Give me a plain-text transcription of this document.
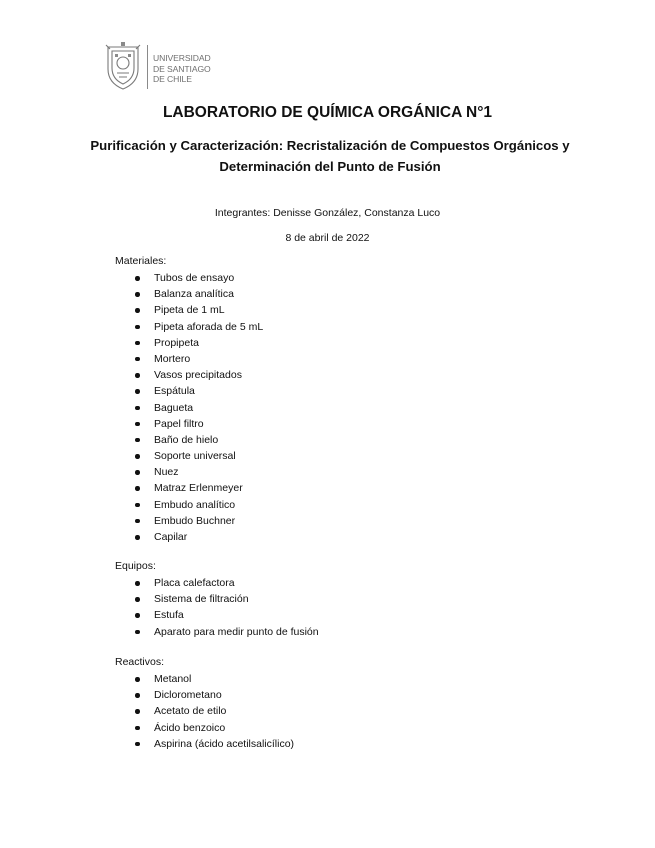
UNIVERSIDAD
DE SANTIAGO
DE CHILE
LABORATORIO DE QUÍMICA ORGÁNICA N°1
Purificación y Caracterización: Recristalización de Compuestos Orgánicos y
Determinación del Punto de Fusión
Integrantes: Denisse González, Constanza Luco
8 de abril de 2022
Materiales:
Tubos de ensayo
Balanza analítica
Pipeta de 1 mL
Pipeta aforada de 5 mL
Propipeta
Mortero
Vasos precipitados
Espátula
Bagueta
Papel filtro
Baño de hielo
Soporte universal
Nuez
Matraz Erlenmeyer
Embudo analítico
Embudo Buchner
Capilar
Equipos:
Placa calefactora
Sistema de filtración
Estufa
Aparato para medir punto de fusión
Reactivos:
Metanol
Diclorometano
Acetato de etilo
Ácido benzoico
Aspirina (ácido acetilsalicílico)
